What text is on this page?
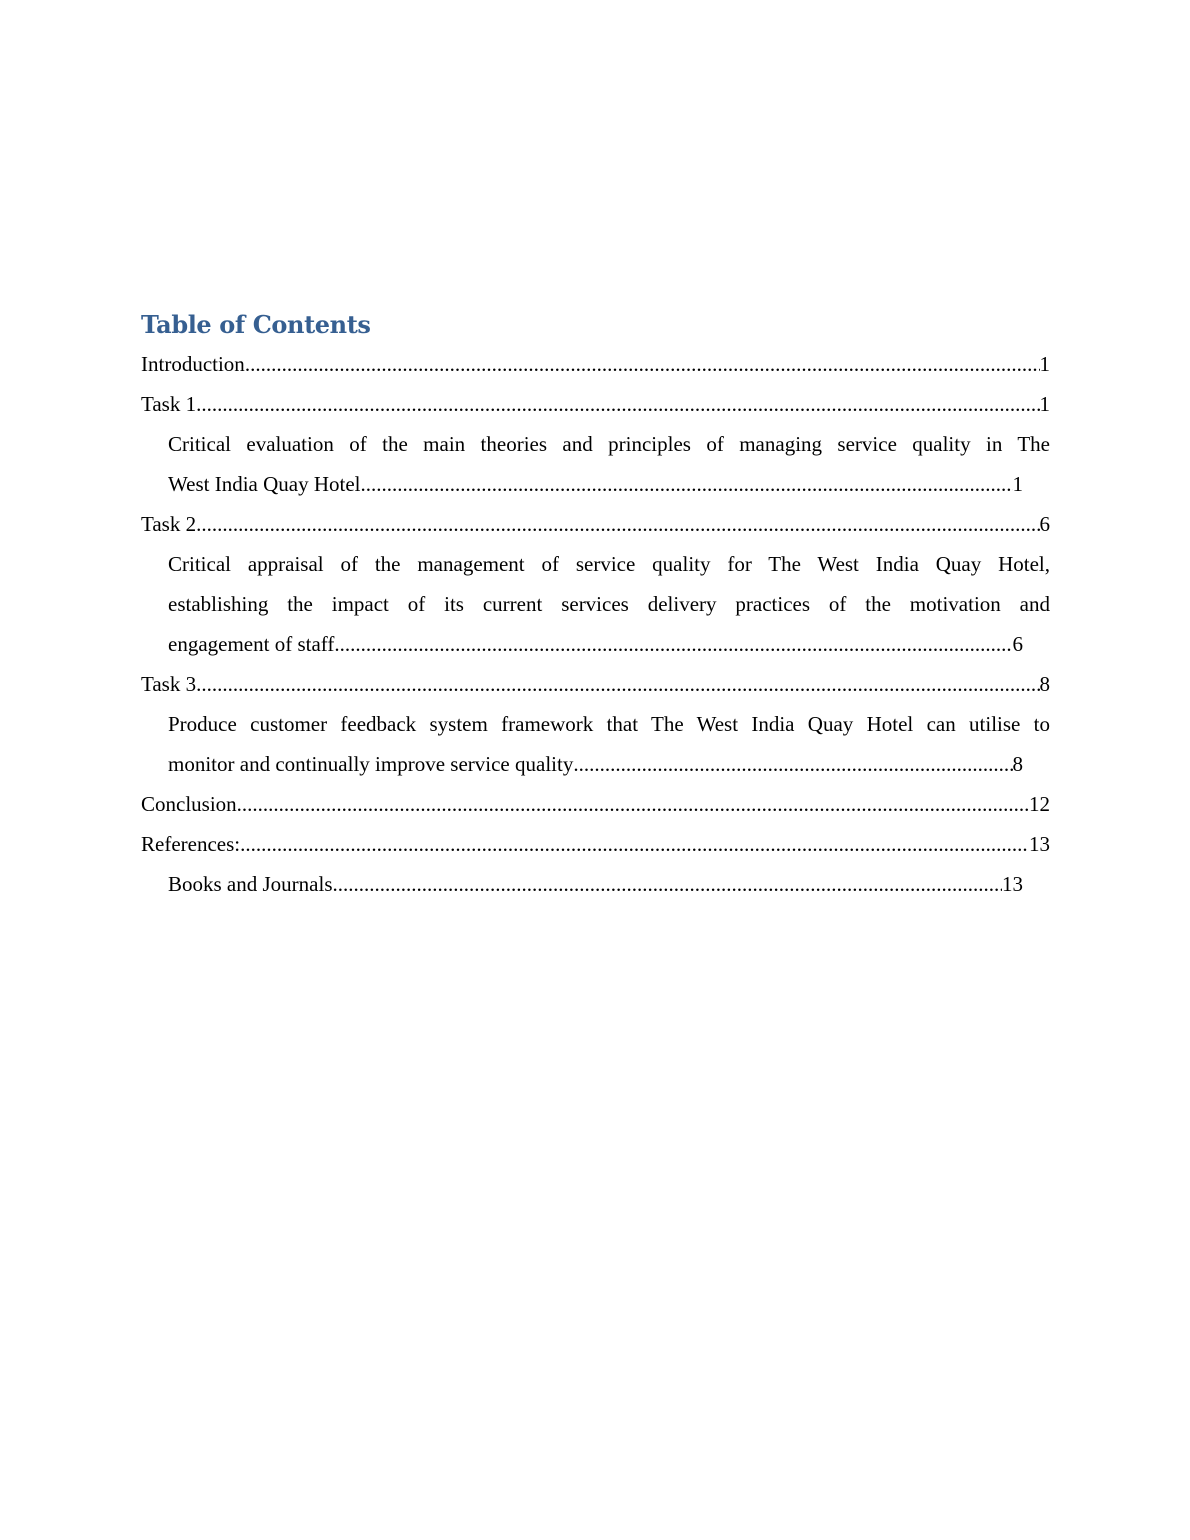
Table of Contents
Introduction .....	1
Task 1 .....	1
Critical evaluation of the main theories and principles of managing service quality in The
West India Quay Hotel .....	1
Task 2 .....	6
Critical appraisal of the management of service quality for The West India Quay Hotel,
establishing the impact of its current services delivery practices of the motivation and
engagement of staff .....	6
Task 3 .....	8
Produce customer feedback system framework that The West India Quay Hotel can utilise to
monitor and continually improve service quality .....	8
Conclusion .....	12
References: .....	13
Books and Journals .....	13
